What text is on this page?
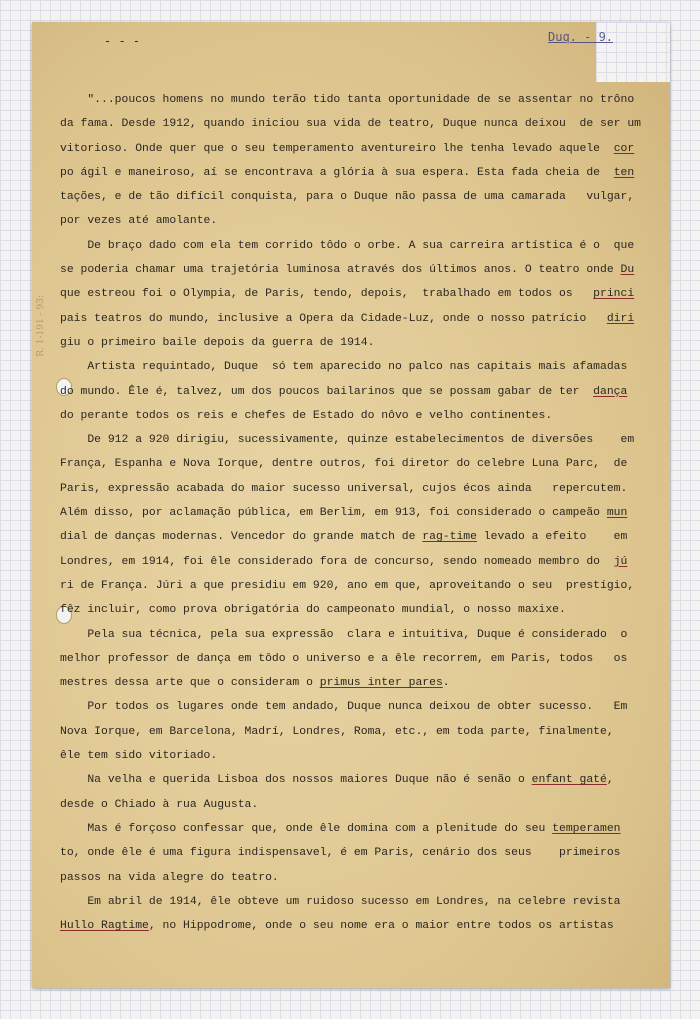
- - -	Duq. - 9.
R. 1-191 - 93:
"...poucos homens no mundo terão tido tanta oportunidade de se assentar no trôno
da fama. Desde 1912, quando iniciou sua vida de teatro, Duque nunca deixou  de ser um
vitorioso. Onde quer que o seu temperamento aventureiro lhe tenha levado aquele  cor
po ágil e maneiroso, aí se encontrava a glória à sua espera. Esta fada cheia de  ten
tações, e de tão difícil conquista, para o Duque não passa de uma camarada   vulgar,
por vezes até amolante.
De braço dado com ela tem corrido tôdo o orbe. A sua carreira artística é o  que
se poderia chamar uma trajetória luminosa através dos últimos anos. O teatro onde Du
que estreou foi o Olympia, de Paris, tendo, depois,  trabalhado em todos os   princi
pais teatros do mundo, inclusive a Opera da Cidade-Luz, onde o nosso patrício   diri
giu o primeiro baile depois da guerra de 1914.
Artista requintado, Duque  só tem aparecido no palco nas capitais mais afamadas
do mundo. Êle é, talvez, um dos poucos bailarinos que se possam gabar de ter  dança
do perante todos os reis e chefes de Estado do nôvo e velho continentes.
De 912 a 920 dirigiu, sucessivamente, quinze estabelecimentos de diversões    em
França, Espanha e Nova Iorque, dentre outros, foi diretor do celebre Luna Parc,  de
Paris, expressão acabada do maior sucesso universal, cujos écos ainda   repercutem.
Além disso, por aclamação pública, em Berlim, em 913, foi considerado o campeão mun
dial de danças modernas. Vencedor do grande match de rag-time levado a efeito    em
Londres, em 1914, foi êle considerado fora de concurso, sendo nomeado membro do  jú
ri de França. Júri a que presidiu em 920, ano em que, aproveitando o seu  prestígio,
fêz incluir, como prova obrigatória do campeonato mundial, o nosso maxixe.
Pela sua técnica, pela sua expressão  clara e intuitiva, Duque é considerado  o
melhor professor de dança em tôdo o universo e a êle recorrem, em Paris, todos   os
mestres dessa arte que o consideram o primus inter pares.
Por todos os lugares onde tem andado, Duque nunca deixou de obter sucesso.   Em
Nova Iorque, em Barcelona, Madrí, Londres, Roma, etc., em toda parte, finalmente,
êle tem sido vitoriado.
Na velha e querida Lisboa dos nossos maiores Duque não é senão o enfant gaté,
desde o Chiado à rua Augusta.
Mas é forçoso confessar que, onde êle domina com a plenitude do seu temperamen
to, onde êle é uma figura indispensavel, é em Paris, cenário dos seus    primeiros
passos na vida alegre do teatro.
Em abril de 1914, êle obteve um ruidoso sucesso em Londres, na celebre revista
Hullo Ragtime, no Hippodrome, onde o seu nome era o maior entre todos os artistas
